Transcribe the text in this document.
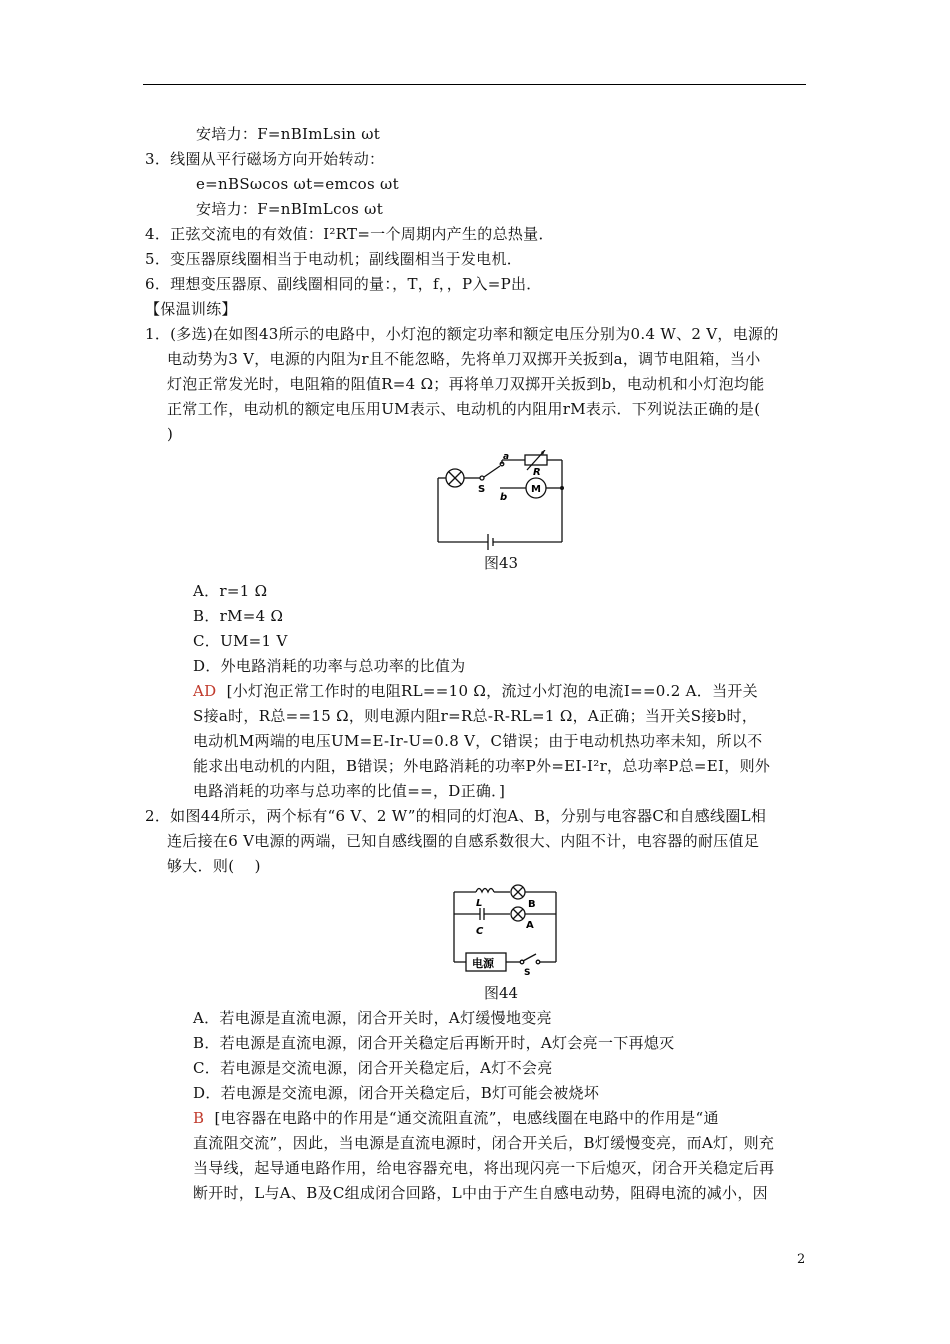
安培力：F=nBImLsin ωt
3．线圈从平行磁场方向开始转动：
e=nBSωcos ωt=emcos ωt
安培力：F=nBImLcos ωt
4．正弦交流电的有效值：I²RT=一个周期内产生的总热量．
5．变压器原线圈相当于电动机；副线圈相当于发电机．
6．理想变压器原、副线圈相同的量：，T，f，，P入=P出．
【保温训练】
1．(多选)在如图43所示的电路中，小灯泡的额定功率和额定电压分别为0.4 W、2 V，电源的
电动势为3 V，电源的内阻为r且不能忽略，先将单刀双掷开关扳到a，调节电阻箱，当小
灯泡正常发光时，电阻箱的阻值R=4 Ω；再将单刀双掷开关扳到b，电动机和小灯泡均能
正常工作，电动机的额定电压用UM表示、电动机的内阻用rM表示．下列说法正确的是(
)
a
R
S
b
M
图43
A．r=1 Ω
B．rM=4 Ω
C．UM=1 V
D．外电路消耗的功率与总功率的比值为
AD [小灯泡正常工作时的电阻RL==10 Ω，流过小灯泡的电流I==0.2 A．当开关
S接a时，R总==15 Ω，则电源内阻r=R总-R-RL=1 Ω，A正确；当开关S接b时，
电动机M两端的电压UM=E-Ir-U=0.8 V，C错误；由于电动机热功率未知，所以不
能求出电动机的内阻，B错误；外电路消耗的功率P外=EI-I²r，总功率P总=EI，则外
电路消耗的功率与总功率的比值==，D正确．]
2．如图44所示，两个标有“6 V、2 W”的相同的灯泡A、B，分别与电容器C和自感线圈L相
连后接在6 V电源的两端，已知自感线圈的自感系数很大、内阻不计，电容器的耐压值足
够大．则(    )
L
C
B
A
电源
S
图44
A．若电源是直流电源，闭合开关时，A灯缓慢地变亮
B．若电源是直流电源，闭合开关稳定后再断开时，A灯会亮一下再熄灭
C．若电源是交流电源，闭合开关稳定后，A灯不会亮
D．若电源是交流电源，闭合开关稳定后，B灯可能会被烧坏
B [电容器在电路中的作用是“通交流阻直流”，电感线圈在电路中的作用是“通
直流阻交流”，因此，当电源是直流电源时，闭合开关后，B灯缓慢变亮，而A灯，则充
当导线，起导通电路作用，给电容器充电，将出现闪亮一下后熄灭，闭合开关稳定后再
断开时，L与A、B及C组成闭合回路，L中由于产生自感电动势，阻碍电流的减小，因
2
